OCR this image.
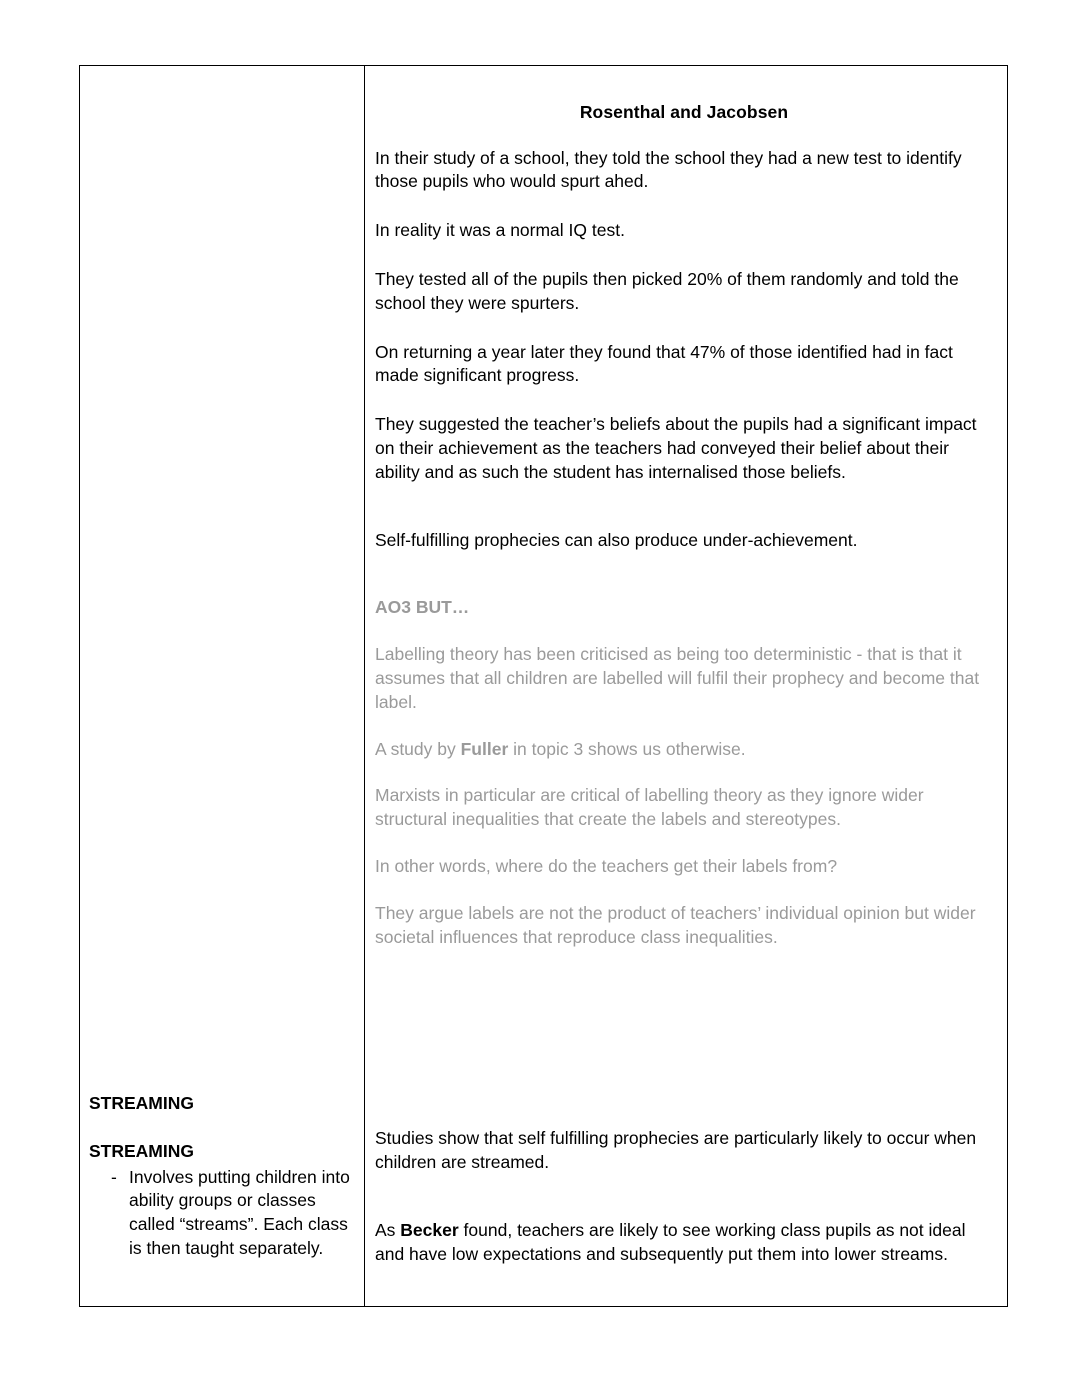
STREAMING

STREAMING

- Involves putting children into ability groups or classes called “streams”. Each class is then taught separately.

Rosenthal and Jacobsen

In their study of a school, they told the school they had a new test to identify those pupils who would spurt ahed.

In reality it was a normal IQ test.

They tested all of the pupils then picked 20% of them randomly and told the school they were spurters.

On returning a year later they found that 47% of those identified had in fact made significant progress.

They suggested the teacher’s beliefs about the pupils had a significant impact on their achievement as the teachers had conveyed their belief about their ability and as such the student has internalised those beliefs.

Self-fulfilling prophecies can also produce under-achievement.

AO3 BUT…

Labelling theory has been criticised as being too deterministic - that is that it assumes that all children are labelled will fulfil their prophecy and become that label.

A study by Fuller in topic 3 shows us otherwise.

Marxists in particular are critical of labelling theory as they ignore wider structural inequalities that create the labels and stereotypes.

In other words, where do the teachers get their labels from?

They argue labels are not the product of teachers’ individual opinion but wider societal influences that reproduce class inequalities.

Studies show that self fulfilling prophecies are particularly likely to occur when children are streamed.

As Becker found, teachers are likely to see working class pupils as not ideal and have low expectations and subsequently put them into lower streams.
